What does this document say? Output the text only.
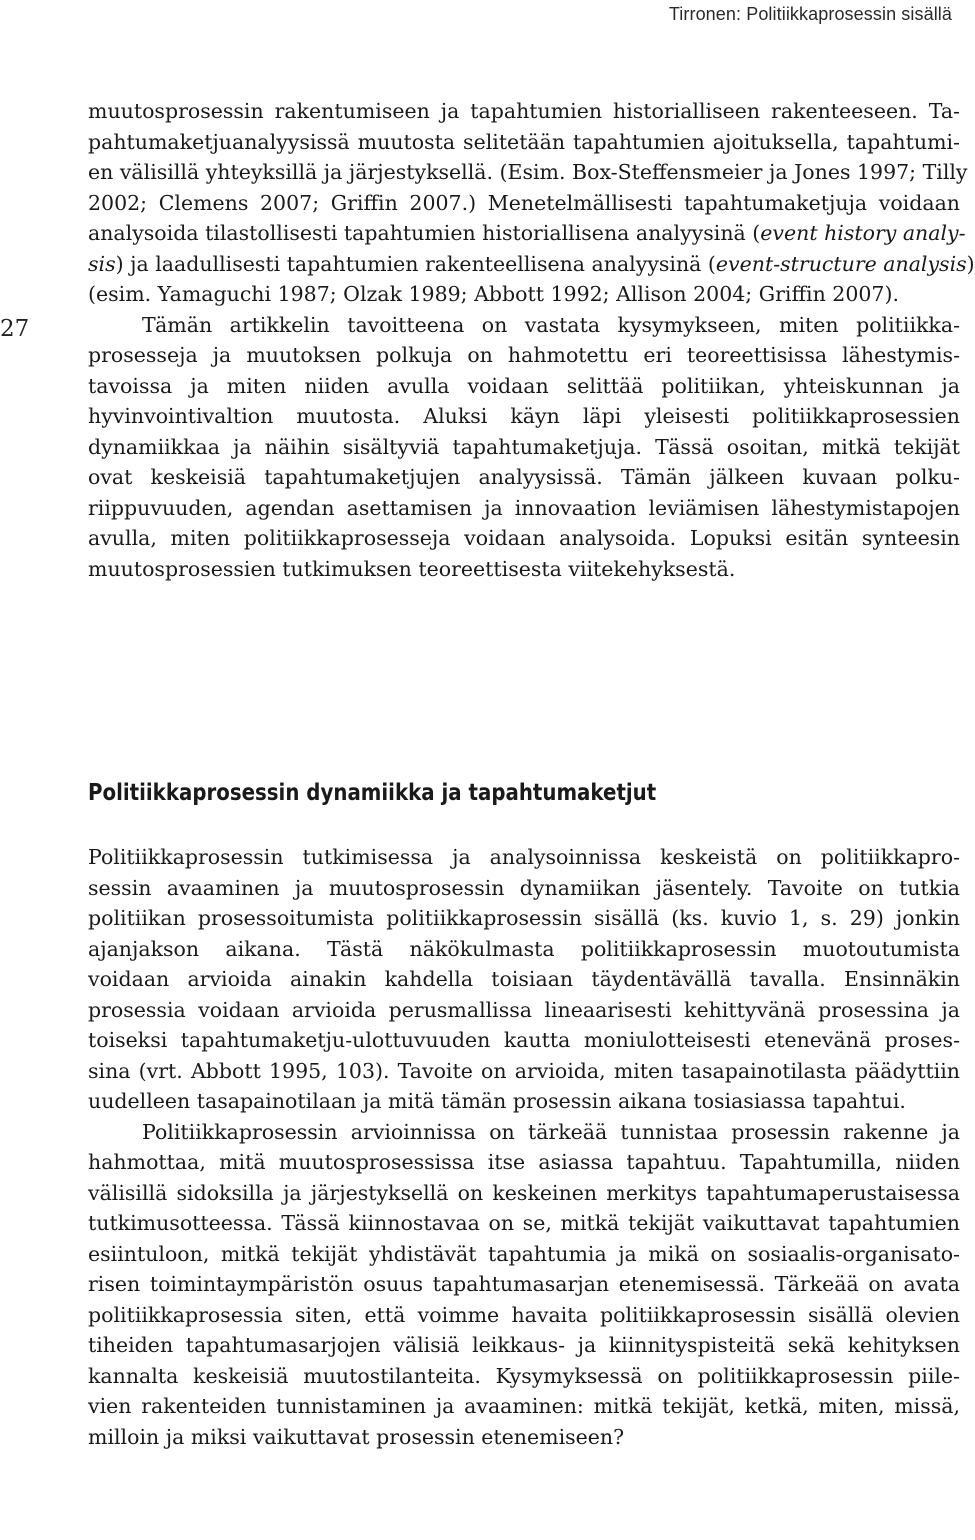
Tirronen: Politiikkaprosessin sisällä
27
muutosprosessin rakentumiseen ja tapahtumien historialliseen rakenteeseen. Ta-
pahtumaketjuanalyysissä muutosta selitetään tapahtumien ajoituksella, tapahtumi-
en välisillä yhteyksillä ja järjestyksellä. (Esim. Box-Steffensmeier ja Jones 1997; Tilly
2002; Clemens 2007; Griffin 2007.) Menetelmällisesti tapahtumaketjuja voidaan
analysoida tilastollisesti tapahtumien historiallisena analyysinä (event history analy-
sis) ja laadullisesti tapahtumien rakenteellisena analyysinä (event-structure analysis)
(esim. Yamaguchi 1987; Olzak 1989; Abbott 1992; Allison 2004; Griffin 2007).
Tämän artikkelin tavoitteena on vastata kysymykseen, miten politiikka-
prosesseja ja muutoksen polkuja on hahmotettu eri teoreettisissa lähestymis-
tavoissa ja miten niiden avulla voidaan selittää politiikan, yhteiskunnan ja
hyvinvointivaltion muutosta. Aluksi käyn läpi yleisesti politiikkaprosessien
dynamiikkaa ja näihin sisältyviä tapahtumaketjuja. Tässä osoitan, mitkä tekijät
ovat keskeisiä tapahtumaketjujen analyysissä. Tämän jälkeen kuvaan polku-
riippuvuuden, agendan asettamisen ja innovaation leviämisen lähestymistapojen
avulla, miten politiikkaprosesseja voidaan analysoida. Lopuksi esitän synteesin
muutosprosessien tutkimuksen teoreettisesta viitekehyksestä.
Politiikkaprosessin dynamiikka ja tapahtumaketjut
Politiikkaprosessin tutkimisessa ja analysoinnissa keskeistä on politiikkapro-
sessin avaaminen ja muutosprosessin dynamiikan jäsentely. Tavoite on tutkia
politiikan prosessoitumista politiikkaprosessin sisällä (ks. kuvio 1, s. 29) jonkin
ajanjakson aikana. Tästä näkökulmasta politiikkaprosessin muotoutumista
voidaan arvioida ainakin kahdella toisiaan täydentävällä tavalla. Ensinnäkin
prosessia voidaan arvioida perusmallissa lineaarisesti kehittyvänä prosessina ja
toiseksi tapahtumaketju-ulottuvuuden kautta moniulotteisesti etenevänä proses-
sina (vrt. Abbott 1995, 103). Tavoite on arvioida, miten tasapainotilasta päädyttiin
uudelleen tasapainotilaan ja mitä tämän prosessin aikana tosiasiassa tapahtui.
Politiikkaprosessin arvioinnissa on tärkeää tunnistaa prosessin rakenne ja
hahmottaa, mitä muutosprosessissa itse asiassa tapahtuu. Tapahtumilla, niiden
välisillä sidoksilla ja järjestyksellä on keskeinen merkitys tapahtumaperustaisessa
tutkimusotteessa. Tässä kiinnostavaa on se, mitkä tekijät vaikuttavat tapahtumien
esiintuloon, mitkä tekijät yhdistävät tapahtumia ja mikä on sosiaalis-organisato-
risen toimintaympäristön osuus tapahtumasarjan etenemisessä. Tärkeää on avata
politiikkaprosessia siten, että voimme havaita politiikkaprosessin sisällä olevien
tiheiden tapahtumasarjojen välisiä leikkaus- ja kiinnityspisteitä sekä kehityksen
kannalta keskeisiä muutostilanteita. Kysymyksessä on politiikkaprosessin piile-
vien rakenteiden tunnistaminen ja avaaminen: mitkä tekijät, ketkä, miten, missä,
milloin ja miksi vaikuttavat prosessin etenemiseen?
